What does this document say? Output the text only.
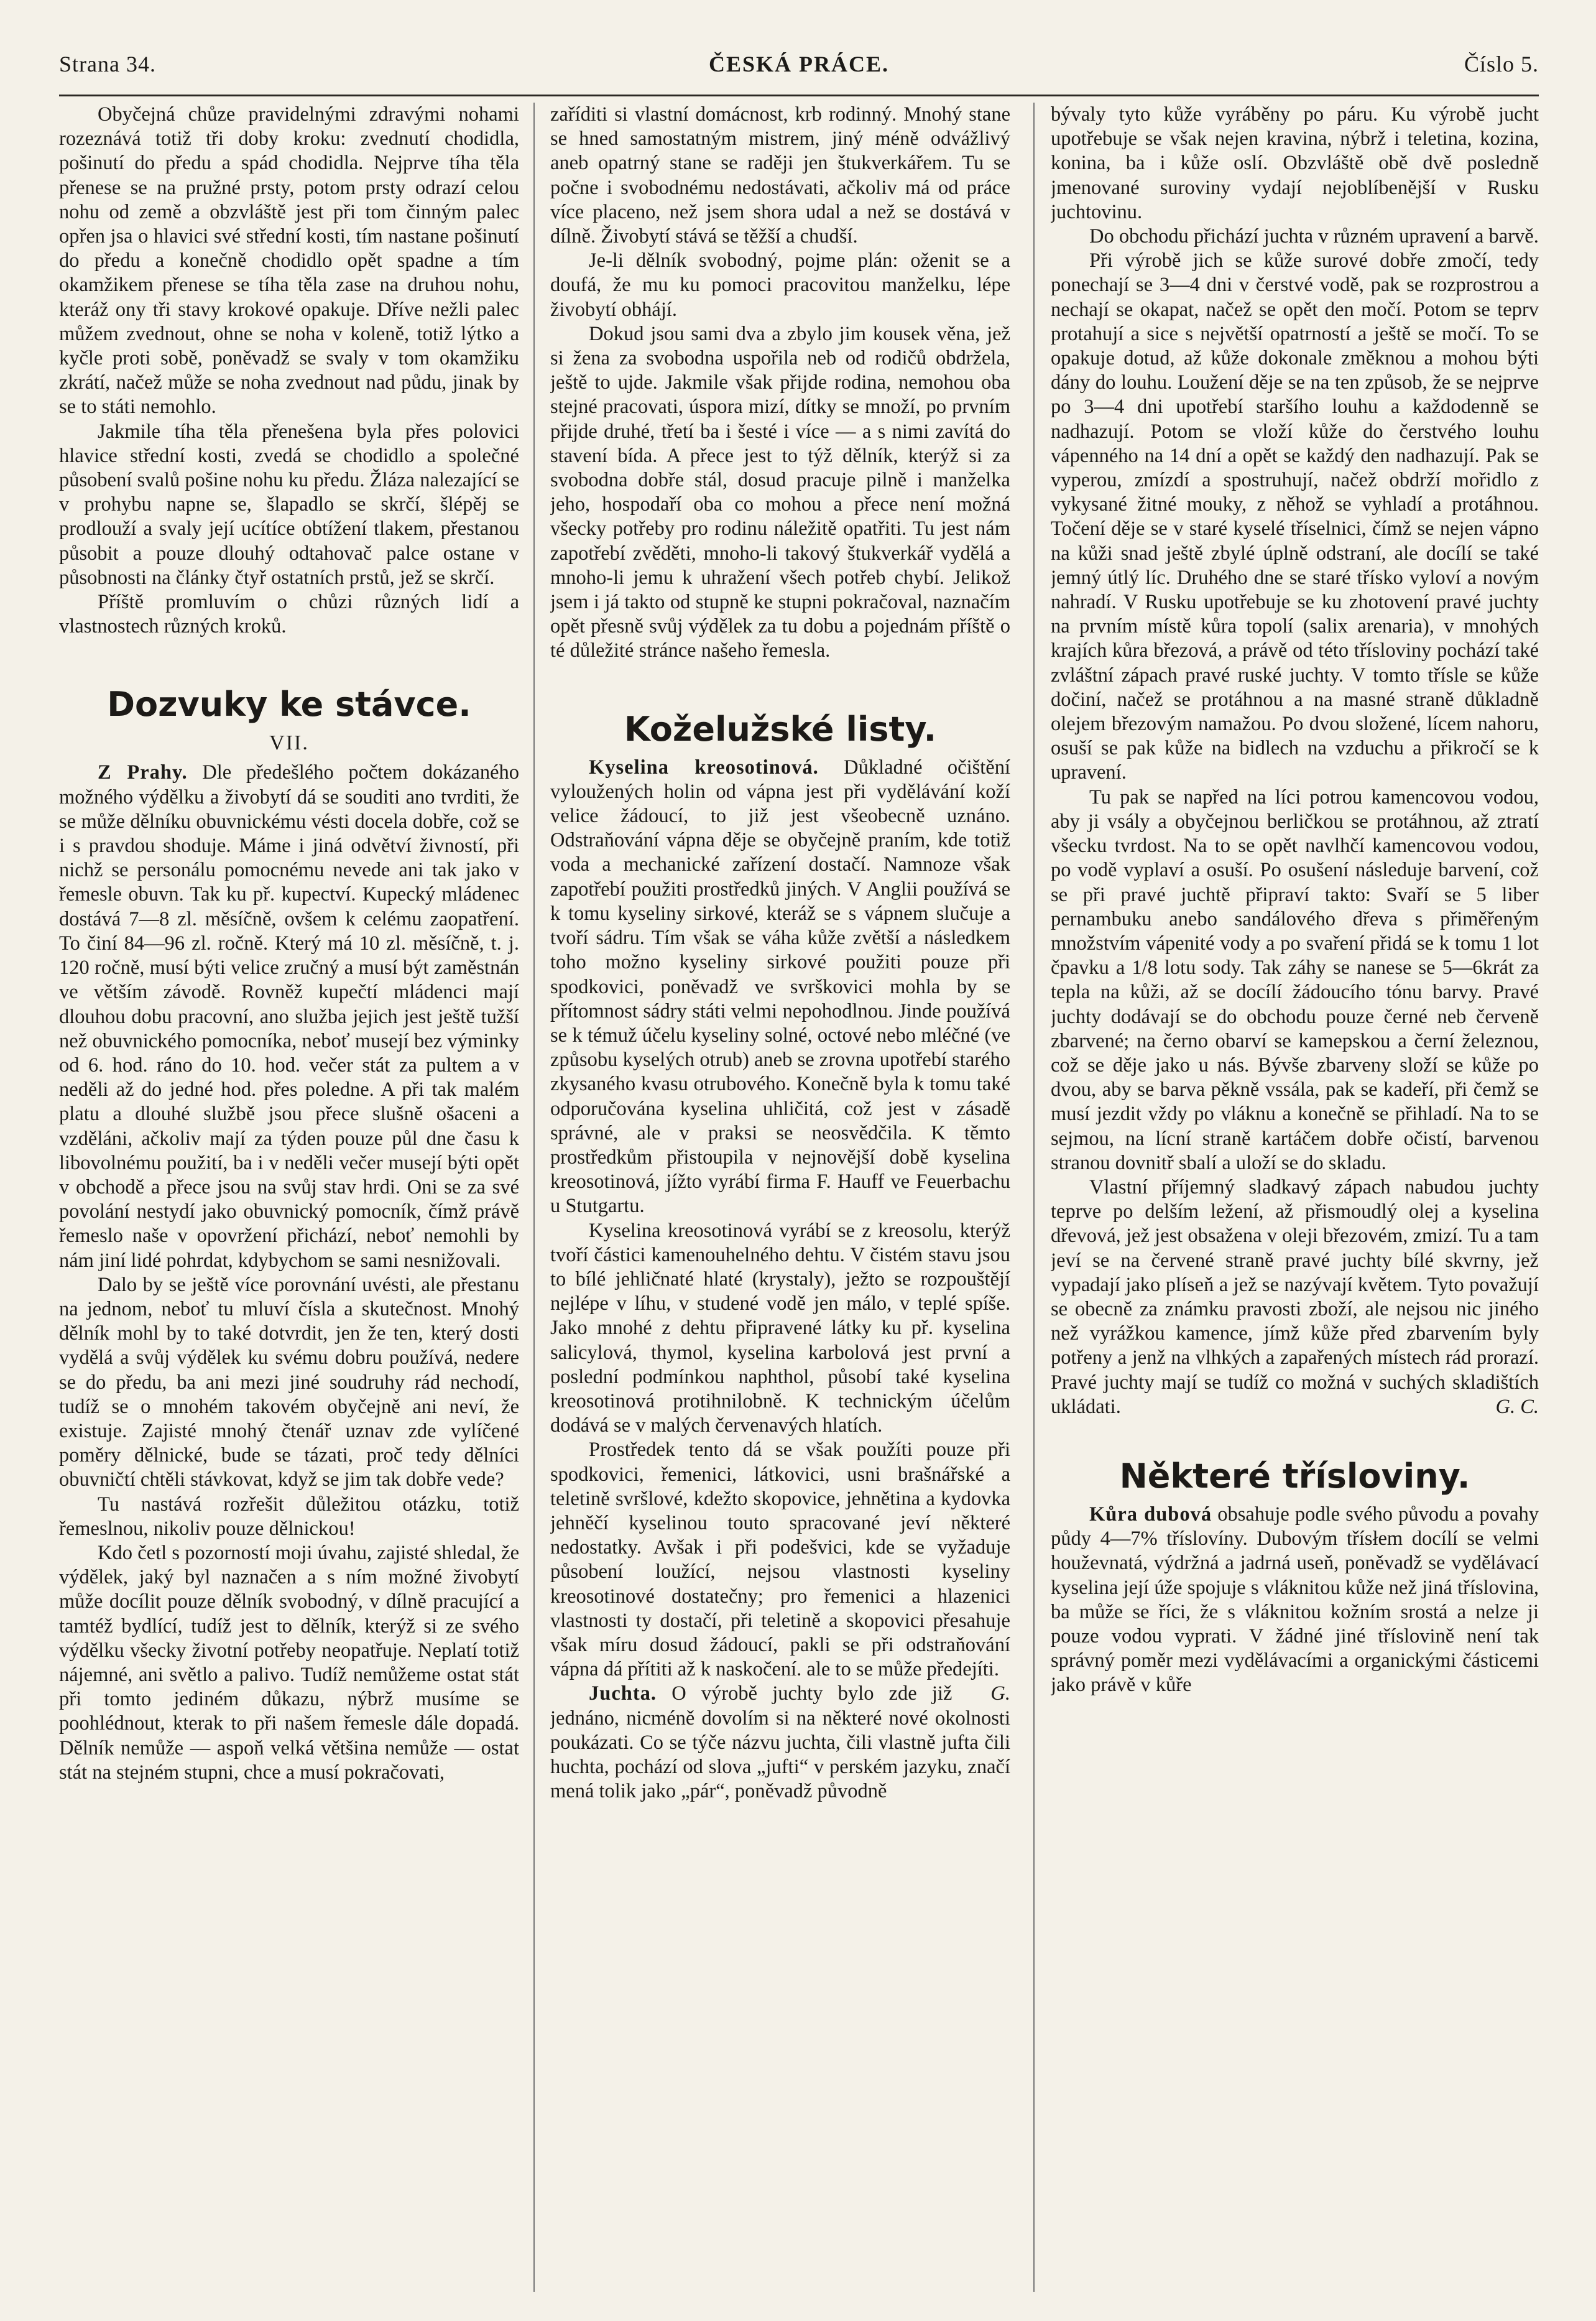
Strana 34.	ČESKÁ PRÁCE.	Číslo 5.

Obyčejná chůze pravidelnými zdravými nohami rozeznává totiž tři doby kroku: zvednutí chodidla, pošinutí do předu a spád chodidla. Nejprve tíha těla přenese se na pružné prsty, potom prsty odrazí celou nohu od země a obzvláště jest při tom činným palec opřen jsa o hlavici své střední kosti, tím nastane pošinutí do předu a konečně chodidlo opět spadne a tím okamžikem přenese se tíha těla zase na druhou nohu, kteráž ony tři stavy krokové opakuje. Dříve nežli palec můžem zvednout, ohne se noha v koleně, totiž lýtko a kyčle proti sobě, poněvadž se svaly v tom okamžiku zkrátí, načež může se noha zvednout nad půdu, jinak by se to státi nemohlo.

Jakmile tíha těla přenešena byla přes polovici hlavice střední kosti, zvedá se chodidlo a společné působení svalů pošine nohu ku předu. Žláza nalezající se v prohybu napne se, šlapadlo se skrčí, šlépěj se prodlouží a svaly její ucítíce obtížení tlakem, přestanou působit a pouze dlouhý odtahovač palce ostane v působnosti na články čtyř ostatních prstů, jež se skrčí.

Příště promluvím o chůzi různých lidí a vlastnostech různých kroků.

Dozvuky ke stávce.
VII.

Z Prahy. Dle předešlého počtem dokázaného možného výdělku a živobytí dá se souditi ano tvrditi, že se může dělníku obuvnickému vésti docela dobře, což se i s pravdou shoduje. Máme i jiná odvětví živností, při nichž se personálu pomocnému nevede ani tak jako v řemesle obuvn. Tak ku př. kupectví. Kupecký mládenec dostává 7—8 zl. měsíčně, ovšem k celému zaopatření. To činí 84—96 zl. ročně. Který má 10 zl. měsíčně, t. j. 120 ročně, musí býti velice zručný a musí být zaměstnán ve větším závodě. Rovněž kupečtí mládenci mají dlouhou dobu pracovní, ano služba jejich jest ještě tužší než obuvnického pomocníka, neboť musejí bez výminky od 6. hod. ráno do 10. hod. večer stát za pultem a v neděli až do jedné hod. přes poledne. A při tak malém platu a dlouhé službě jsou přece slušně ošaceni a vzděláni, ačkoliv mají za týden pouze půl dne času k libovolnému použití, ba i v neděli večer musejí býti opět v obchodě a přece jsou na svůj stav hrdi. Oni se za své povolání nestydí jako obuvnický pomocník, čímž právě řemeslo naše v opovržení přichází, neboť nemohli by nám jiní lidé pohrdat, kdybychom se sami nesnižovali.

Dalo by se ještě více porovnání uvésti, ale přestanu na jednom, neboť tu mluví čísla a skutečnost. Mnohý dělník mohl by to také dotvrdit, jen že ten, který dosti vydělá a svůj výdělek ku svému dobru používá, nedere se do předu, ba ani mezi jiné soudruhy rád nechodí, tudíž se o mnohém takovém obyčejně ani neví, že existuje. Zajisté mnohý čtenář uznav zde vylíčené poměry dělnické, bude se tázati, proč tedy dělníci obuvničtí chtěli stávkovat, když se jim tak dobře vede?

Tu nastává rozřešit důležitou otázku, totiž řemeslnou, nikoliv pouze dělnickou!

Kdo četl s pozorností moji úvahu, zajisté shledal, že výdělek, jaký byl naznačen a s ním možné živobytí může docílit pouze dělník svobodný, v dílně pracující a tamtéž bydlící, tudíž jest to dělník, kterýž si ze svého výdělku všecky životní potřeby neopatřuje. Neplatí totiž nájemné, ani světlo a palivo. Tudíž nemůžeme ostat stát při tomto jediném důkazu, nýbrž musíme se poohlédnout, kterak to při našem řemesle dále dopadá. Dělník nemůže — aspoň velká většina nemůže — ostat stát na stejném stupni, chce a musí pokračovati,

zaříditi si vlastní domácnost, krb rodinný. Mnohý stane se hned samostatným mistrem, jiný méně odvážlivý aneb opatrný stane se raději jen štukverkářem. Tu se počne i svobodnému nedostávati, ačkoliv má od práce více placeno, než jsem shora udal a než se dostává v dílně. Živobytí stává se těžší a chudší.

Je-li dělník svobodný, pojme plán: oženit se a doufá, že mu ku pomoci pracovitou manželku, lépe živobytí obhájí.

Dokud jsou sami dva a zbylo jim kousek věna, jež si žena za svobodna uspořila neb od rodičů obdržela, ještě to ujde. Jakmile však přijde rodina, nemohou oba stejné pracovati, úspora mizí, dítky se množí, po prvním přijde druhé, třetí ba i šesté i více — a s nimi zavítá do stavení bída. A přece jest to týž dělník, kterýž si za svobodna dobře stál, dosud pracuje pilně i manželka jeho, hospodaří oba co mohou a přece není možná všecky potřeby pro rodinu náležitě opatřiti. Tu jest nám zapotřebí zvěděti, mnoho-li takový štukverkář vydělá a mnoho-li jemu k uhražení všech potřeb chybí. Jelikož jsem i já takto od stupně ke stupni pokračoval, naznačím opět přesně svůj výdělek za tu dobu a pojednám příště o té důležité stránce našeho řemesla.

Koželužské listy.

Kyselina kreosotinová. Důkladné očištění vyloužených holin od vápna jest při vydělávání koží velice žádoucí, to již jest všeobecně uznáno. Odstraňování vápna děje se obyčejně praním, kde totiž voda a mechanické zařízení dostačí. Namnoze však zapotřebí použiti prostředků jiných. V Anglii používá se k tomu kyseliny sirkové, kteráž se s vápnem slučuje a tvoří sádru. Tím však se váha kůže zvětší a následkem toho možno kyseliny sirkové použiti pouze při spodkovici, poněvadž ve svrškovici mohla by se přítomnost sádry státi velmi nepohodlnou. Jinde používá se k témuž účelu kyseliny solné, octové nebo mléčné (ve způsobu kyselých otrub) aneb se zrovna upotřebí starého zkysaného kvasu otrubového. Konečně byla k tomu také odporučována kyselina uhličitá, což jest v zásadě správné, ale v praksi se neosvědčila. K těmto prostředkům přistoupila v nejnovější době kyselina kreosotinová, jížto vyrábí firma F. Hauff ve Feuerbachu u Stutgartu.

Kyselina kreosotinová vyrábí se z kreosolu, kterýž tvoří částici kamenouhelného dehtu. V čistém stavu jsou to bílé jehličnaté hlaté (krystaly), ježto se rozpouštějí nejlépe v líhu, v studené vodě jen málo, v teplé spíše. Jako mnohé z dehtu připravené látky ku př. kyselina salicylová, thymol, kyselina karbolová jest první a poslední podmínkou naphthol, působí také kyselina kreosotinová protihnilobně. K technickým účelům dodává se v malých červenavých hlatích.

Prostředek tento dá se však použíti pouze při spodkovici, řemenici, látkovici, usni brašnářské a teletině svršlové, kdežto skopovice, jehnětina a kydovka jehněčí kyselinou touto spracované jeví některé nedostatky. Avšak i při podešvici, kde se vyžaduje působení loužící, nejsou vlastnosti kyseliny kreosotinové dostatečny; pro řemenici a hlazenici vlastnosti ty dostačí, při teletině a skopovici přesahuje však míru dosud žádoucí, pakli se při odstraňování vápna dá přítiti až k naskočení. ale to se může předejíti.
G.

Juchta. O výrobě juchty bylo zde již jednáno, nicméně dovolím si na některé nové okolnosti poukázati. Co se týče názvu juchta, čili vlastně jufta čili huchta, pochází od slova „jufti“ v perském jazyku, značí mená tolik jako „pár“, poněvadž původně

bývaly tyto kůže vyráběny po páru. Ku výrobě jucht upotřebuje se však nejen kravina, nýbrž i teletina, kozina, konina, ba i kůže oslí. Obzvláště obě dvě posledně jmenované suroviny vydají nejoblíbenější v Rusku juchtovinu.

Do obchodu přichází juchta v různém upravení a barvě.

Při výrobě jich se kůže surové dobře zmočí, tedy ponechají se 3—4 dni v čerstvé vodě, pak se rozprostrou a nechají se okapat, načež se opět den močí. Potom se teprv protahují a sice s největší opatrností a ještě se močí. To se opakuje dotud, až kůže dokonale změknou a mohou býti dány do louhu. Loužení děje se na ten způsob, že se nejprve po 3—4 dni upotřebí staršího louhu a každodenně se nadhazují. Potom se vloží kůže do čerstvého louhu vápenného na 14 dní a opět se každý den nadhazují. Pak se vyperou, zmízdí a spostruhují, načež obdrží mořidlo z vykysané žitné mouky, z něhož se vyhladí a protáhnou. Točení děje se v staré kyselé tříselnici, čímž se nejen vápno na kůži snad ještě zbylé úplně odstraní, ale docílí se také jemný útlý líc. Druhého dne se staré třísko vyloví a novým nahradí. V Rusku upotřebuje se ku zhotovení pravé juchty na prvním místě kůra topolí (salix arenaria), v mnohých krajích kůra březová, a právě od této třísloviny pochází také zvláštní zápach pravé ruské juchty. V tomto třísle se kůže dočiní, načež se protáhnou a na masné straně důkladně olejem březovým namažou. Po dvou složené, lícem nahoru, osuší se pak kůže na bidlech na vzduchu a přikročí se k upravení.

Tu pak se napřed na líci potrou kamencovou vodou, aby ji vsály a obyčejnou berličkou se protáhnou, až ztratí všecku tvrdost. Na to se opět navlhčí kamencovou vodou, po vodě vyplaví a osuší. Po osušení následuje barvení, což se při pravé juchtě připraví takto: Svaří se 5 liber pernambuku anebo sandálového dřeva s přiměřeným množstvím vápenité vody a po svaření přidá se k tomu 1 lot čpavku a 1/8 lotu sody. Tak záhy se nanese se 5—6krát za tepla na kůži, až se docílí žádoucího tónu barvy. Pravé juchty dodávají se do obchodu pouze černé neb červeně zbarvené; na černo obarví se kamepskou a černí železnou, což se děje jako u nás. Bývše zbarveny složí se kůže po dvou, aby se barva pěkně vssála, pak se kadeří, při čemž se musí jezdit vždy po vláknu a konečně se přihladí. Na to se sejmou, na lícní straně kartáčem dobře očistí, barvenou stranou dovnitř sbalí a uloží se do skladu.

Vlastní příjemný sladkavý zápach nabudou juchty teprve po delším ležení, až přismoudlý olej a kyselina dřevová, jež jest obsažena v oleji březovém, zmizí. Tu a tam jeví se na červené straně pravé juchty bílé skvrny, jež vypadají jako plíseň a jež se nazývají květem. Tyto považují se obecně za známku pravosti zboží, ale nejsou nic jiného než vyrážkou kamence, jímž kůže před zbarvením byly potřeny a jenž na vlhkých a zapařených místech rád prorazí. Pravé juchty mají se tudíž co možná v suchých skladištích ukládati.	G. C.

Některé třísloviny.

Kůra dubová obsahuje podle svého původu a povahy půdy 4—7% tříslovíny. Dubovým třísłem docílí se velmi houževnatá, výdržná a jadrná useň, poněvadž se vydělávací kyselina její úže spojuje s vláknitou kůže než jiná tříslovina, ba může se říci, že s vláknitou kožním srostá a nelze ji pouze vodou vyprati. V žádné jiné tříslovině není tak správný poměr mezi vydělávacími a organickými částicemi jako právě v kůře
